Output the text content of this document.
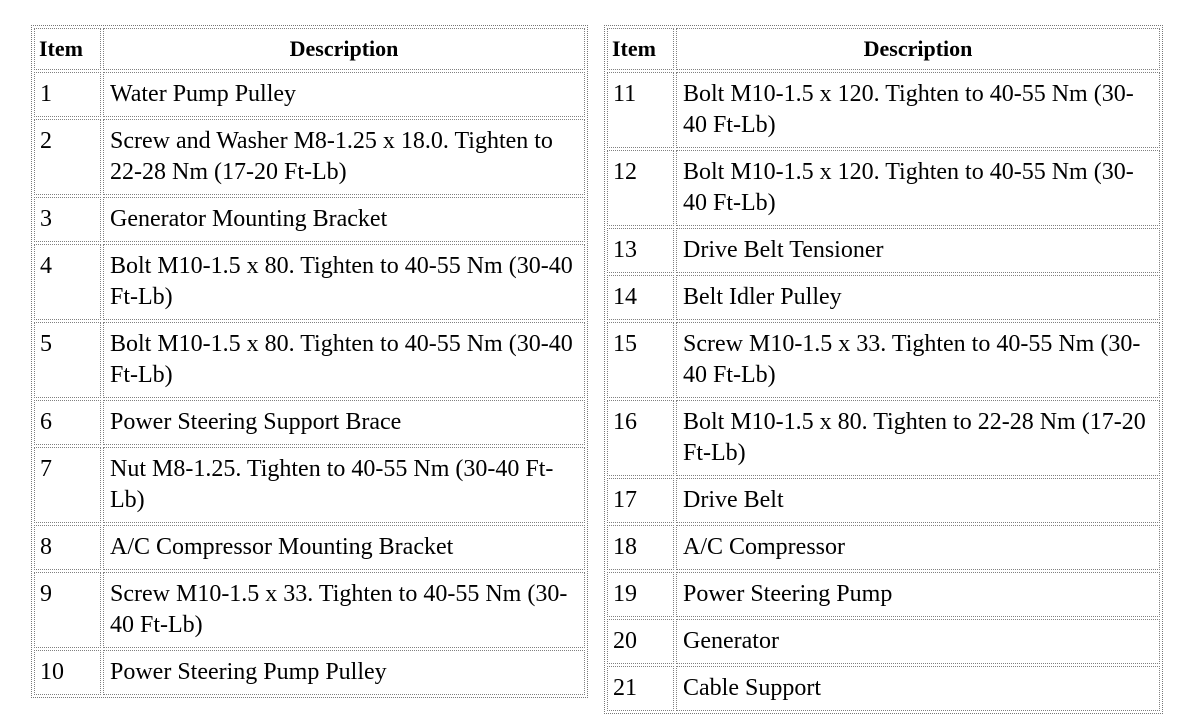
Item	Description
1	Water Pump Pulley
2	Screw and Washer M8-1.25 x 18.0. Tighten to 22-28 Nm (17-20 Ft-Lb)
3	Generator Mounting Bracket
4	Bolt M10-1.5 x 80. Tighten to 40-55 Nm (30-40 Ft-Lb)
5	Bolt M10-1.5 x 80. Tighten to 40-55 Nm (30-40 Ft-Lb)
6	Power Steering Support Brace
7	Nut M8-1.25. Tighten to 40-55 Nm (30-40 Ft-Lb)
8	A/C Compressor Mounting Bracket
9	Screw M10-1.5 x 33. Tighten to 40-55 Nm (30-40 Ft-Lb)
10	Power Steering Pump Pulley
Item	Description
11	Bolt M10-1.5 x 120. Tighten to 40-55 Nm (30-40 Ft-Lb)
12	Bolt M10-1.5 x 120. Tighten to 40-55 Nm (30-40 Ft-Lb)
13	Drive Belt Tensioner
14	Belt Idler Pulley
15	Screw M10-1.5 x 33. Tighten to 40-55 Nm (30-40 Ft-Lb)
16	Bolt M10-1.5 x 80. Tighten to 22-28 Nm (17-20 Ft-Lb)
17	Drive Belt
18	A/C Compressor
19	Power Steering Pump
20	Generator
21	Cable Support
